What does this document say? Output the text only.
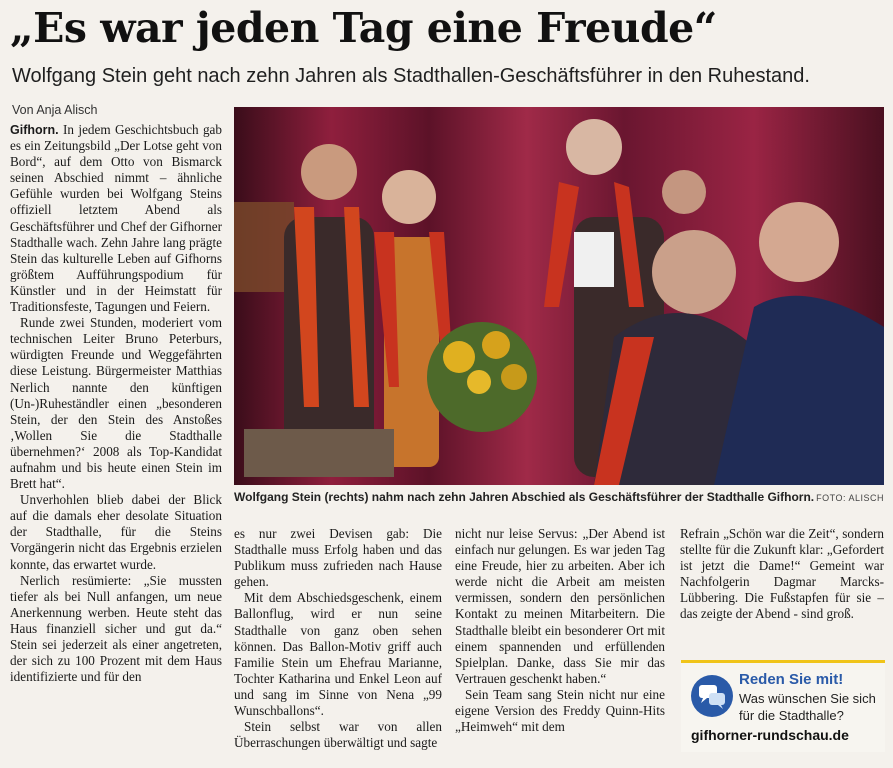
„Es war jeden Tag eine Freude“
Wolfgang Stein geht nach zehn Jahren als Stadthallen-Geschäftsführer in den Ruhestand.
Von Anja Alisch

Gifhorn. In jedem Geschichtsbuch gab es ein Zeitungsbild „Der Lotse geht von Bord“, auf dem Otto von Bismarck seinen Abschied nimmt – ähnliche Gefühle wurden bei Wolfgang Steins offiziell letztem Abend als Geschäftsführer und Chef der Gifhorner Stadthalle wach. Zehn Jahre lang prägte Stein das kulturelle Leben auf Gifhorns größtem Aufführungspodium für Künstler und in der Heimstatt für Traditionsfeste, Tagungen und Feiern.

Runde zwei Stunden, moderiert vom technischen Leiter Bruno Peterburs, würdigten Freunde und Weggefährten diese Leistung. Bürgermeister Matthias Nerlich nannte den künftigen (Un-)Ruheständler einen „besonderen Stein, der den Stein des Anstoßes ‚Wollen Sie die Stadthalle übernehmen?‘ 2008 als Top-Kandidat aufnahm und bis heute einen Stein im Brett hat“.

Unverhohlen blieb dabei der Blick auf die damals eher desolate Situation der Stadthalle, für die Steins Vorgängerin nicht das Ergebnis erzielen konnte, das erwartet wurde.

Nerlich resümierte: „Sie mussten tiefer als bei Null anfangen, um neue Anerkennung werben. Heute steht das Haus finanziell sicher und gut da.“ Stein sei jederzeit als einer angetreten, der sich zu 100 Prozent mit dem Haus identifizierte und für den

Wolfgang Stein (rechts) nahm nach zehn Jahren Abschied als Geschäftsführer der Stadthalle Gifhorn. FOTO: ALISCH

es nur zwei Devisen gab: Die Stadthalle muss Erfolg haben und das Publikum muss zufrieden nach Hause gehen.

Mit dem Abschiedsgeschenk, einem Ballonflug, wird er nun seine Stadthalle von ganz oben sehen können. Das Ballon-Motiv griff auch Familie Stein um Ehefrau Marianne, Tochter Katharina und Enkel Leon auf und sang im Sinne von Nena „99 Wunschballons“.

Stein selbst war von allen Überraschungen überwältigt und sagte

nicht nur leise Servus: „Der Abend ist einfach nur gelungen. Es war jeden Tag eine Freude, hier zu arbeiten. Aber ich werde nicht die Arbeit am meisten vermissen, sondern den persönlichen Kontakt zu meinen Mitarbeitern. Die Stadthalle bleibt ein besonderer Ort mit einem spannenden und erfüllenden Spielplan. Danke, dass Sie mir das Vertrauen geschenkt haben.“

Sein Team sang Stein nicht nur eine eigene Version des Freddy Quinn-Hits „Heimweh“ mit dem

Refrain „Schön war die Zeit“, sondern stellte für die Zukunft klar: „Gefordert ist jetzt die Dame!“ Gemeint war Nachfolgerin Dagmar Marcks-Lübbering. Die Fußstapfen für sie – das zeigte der Abend - sind groß.

Reden Sie mit!
Was wünschen Sie sich
für die Stadthalle?
gifhorner-rundschau.de
